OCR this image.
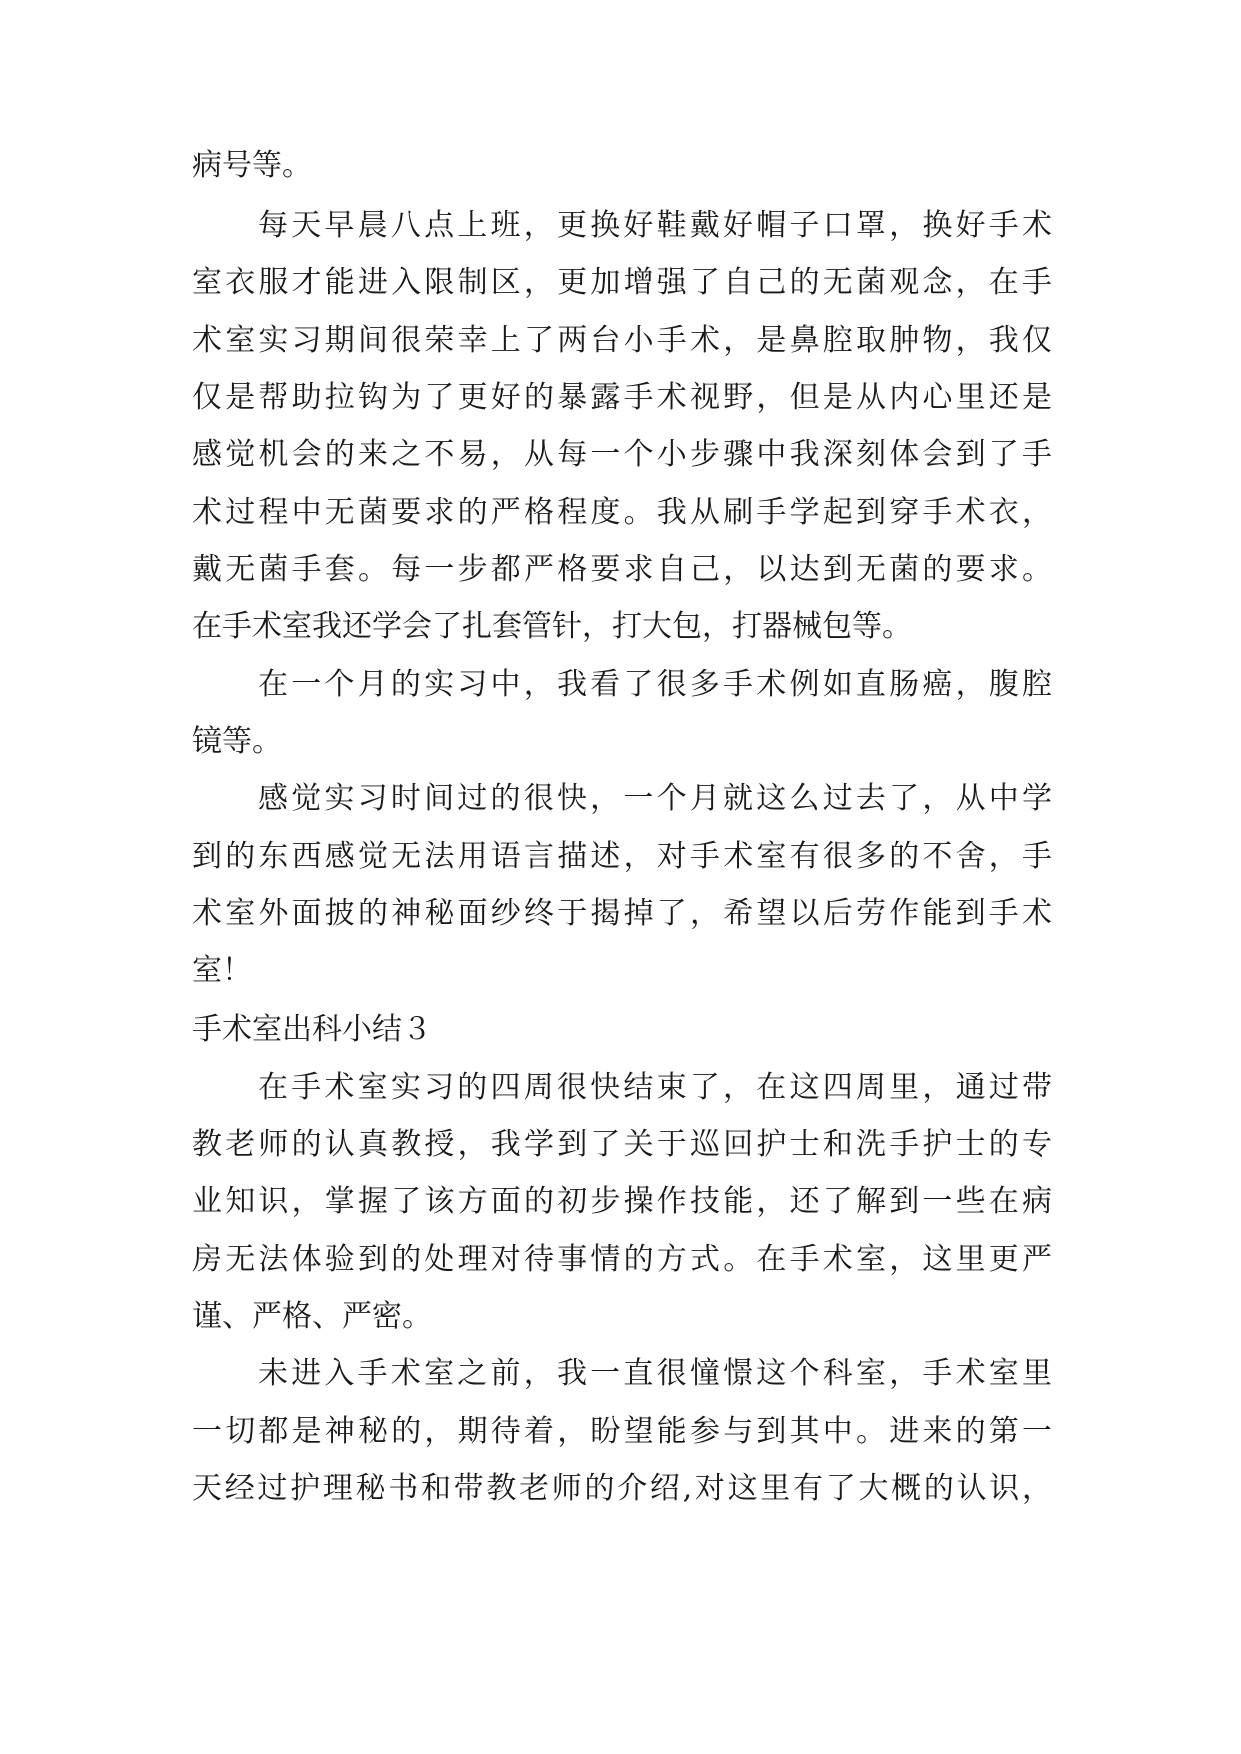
病号等。
每天早晨八点上班，更换好鞋戴好帽子口罩，换好手术
室衣服才能进入限制区，更加增强了自己的无菌观念，在手
术室实习期间很荣幸上了两台小手术，是鼻腔取肿物，我仅
仅是帮助拉钩为了更好的暴露手术视野，但是从内心里还是
感觉机会的来之不易，从每一个小步骤中我深刻体会到了手
术过程中无菌要求的严格程度。我从刷手学起到穿手术衣，
戴无菌手套。每一步都严格要求自己，以达到无菌的要求。
在手术室我还学会了扎套管针，打大包，打器械包等。
在一个月的实习中，我看了很多手术例如直肠癌，腹腔
镜等。
感觉实习时间过的很快，一个月就这么过去了，从中学
到的东西感觉无法用语言描述，对手术室有很多的不舍，手
术室外面披的神秘面纱终于揭掉了，希望以后劳作能到手术
室！
手术室出科小结３
在手术室实习的四周很快结束了，在这四周里，通过带
教老师的认真教授，我学到了关于巡回护士和洗手护士的专
业知识，掌握了该方面的初步操作技能，还了解到一些在病
房无法体验到的处理对待事情的方式。在手术室，这里更严
谨、严格、严密。
未进入手术室之前，我一直很憧憬这个科室，手术室里
一切都是神秘的，期待着，盼望能参与到其中。进来的第一
天经过护理秘书和带教老师的介绍,对这里有了大概的认识，
